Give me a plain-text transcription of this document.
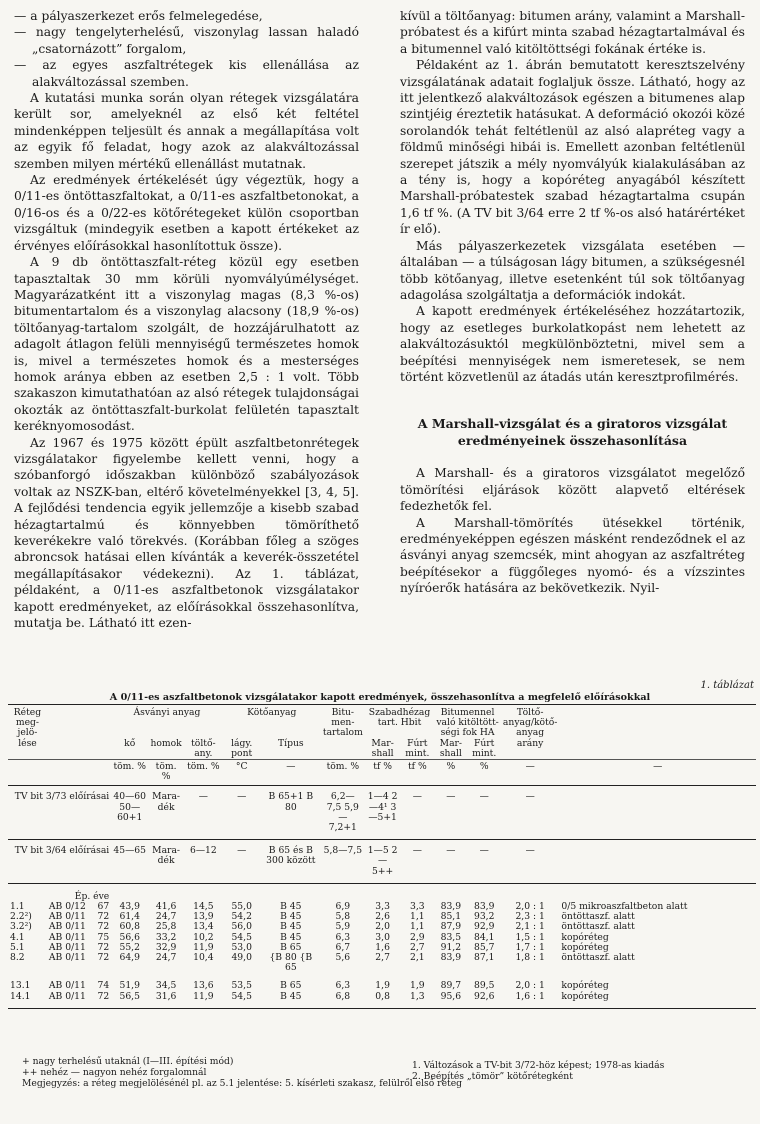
— a pályaszerkezet erős felmelegedése,

— nagy tengelyterhelésű, viszonylag lassan haladó „csatornázott” forgalom,

— az egyes aszfaltrétegek kis ellenállása az alakváltozással szemben.

A kutatási munka során olyan rétegek vizsgálatára került sor, amelyeknél az első két feltétel mindenképpen teljesült és annak a megállapítása volt az egyik fő feladat, hogy azok az alakváltozással szemben milyen mértékű ellenállást mutatnak.

Az eredmények értékelését úgy végeztük, hogy a 0/11-es öntöttaszfaltokat, a 0/11-es aszfaltbetonokat, a 0/16-os és a 0/22-es kötőrétegeket külön csoportban vizsgáltuk (mindegyik esetben a kapott értékeket az érvényes előírásokkal hasonlítottuk össze).

A 9 db öntöttaszfalt-réteg közül egy esetben tapasztaltak 30 mm körüli nyomvályúmélységet. Magyarázatként itt a viszonylag magas (8,3 %-os) bitumentartalom és a viszonylag alacsony (18,9 %-os) töltőanyag-tartalom szolgált, de hozzájárulhatott az adagolt átlagon felüli mennyiségű természetes homok is, mivel a természetes homok és a mesterséges homok aránya ebben az esetben 2,5 : 1 volt. Több szakaszon kimutathatóan az alsó rétegek tulajdonságai okozták az öntöttaszfalt-burkolat felületén tapasztalt keréknyomosodást.

Az 1967 és 1975 között épült aszfaltbetonrétegek vizsgálatakor figyelembe kellett venni, hogy a szóbanforgó időszakban különböző szabályozások voltak az NSZK-ban, eltérő követelményekkel [3, 4, 5]. A fejlődési tendencia egyik jellemzője a kisebb szabad hézagtartalmú és könnyebben tömöríthető keverékekre való törekvés. (Korábban főleg a szöges abroncsok hatásai ellen kívánták a keverék-összetétel megállapításakor védekezni). Az 1. táblázat, példaként, a 0/11-es aszfaltbetonok vizsgálatakor kapott eredményeket, az előírásokkal összehasonlítva, mutatja be. Látható itt ezen-

kívül a töltőanyag: bitumen arány, valamint a Marshall-próbatest és a kifúrt minta szabad hézagtartalmával és a bitumennel való kitöltöttségi fokának értéke is.

Példaként az 1. ábrán bemutatott keresztszelvény vizsgálatának adatait foglaljuk össze. Látható, hogy az itt jelentkező alakváltozások egészen a bitumenes alap szintjéig éreztetik hatásukat. A deformáció okozói közé sorolandók tehát feltétlenül az alsó alapréteg vagy a földmű minőségi hibái is. Emellett azonban feltétlenül szerepet játszik a mély nyomvályúk kialakulásában az a tény is, hogy a kopóréteg anyagából készített Marshall-próbatestek szabad hézagtartalma csupán 1,6 tf %. (A TV bit 3/64 erre 2 tf %-os alsó határértéket ír elő).

Más pályaszerkezetek vizsgálata esetében — általában — a túlságosan lágy bitumen, a szükségesnél több kötőanyag, illetve esetenként túl sok töltőanyag adagolása szolgáltatja a deformációk indokát.

A kapott eredmények értékeléséhez hozzátartozik, hogy az esetleges burkolatkopást nem lehetett az alakváltozásuktól megkülönböztetni, mivel sem a beépítési mennyiségek nem ismeretesek, se nem történt közvetlenül az átadás után keresztprofilmérés.

A Marshall-vizsgálat és a giratoros vizsgálat eredményeinek összehasonlítása

A Marshall- és a giratoros vizsgálatot megelőző tömörítési eljárások között alapvető eltérések fedezhetők fel.

A Marshall-tömörítés ütésekkel történik, eredményeképpen egészen másként rendeződnek el az ásványi anyag szemcsék, mint ahogyan az aszfaltréteg beépítésekor a függőleges nyomó- és a vízszintes nyíróerők hatására az bekövetkezik. Nyil-

1. táblázat
A 0/11-es aszfaltbetonok vizsgálatakor kapott eredmények, összehasonlítva a megfelelő előírásokkal
Réteg meg-jelö-lése		Ásványi anyag			Kötőanyag		Bitu-men-tartalom	Szabadhézag tart. Hbit		Bitumennel való kitöltött-ségi fok HA		Töltő-anyag/kötő-anyag arány	
		kő	homok	töltő-any.	lágy. pont	Típus		Mar-shall	Fúrt mint.	Mar-shall	Fúrt mint.		
		töm. %	töm. %	töm. %	°C	—	töm. %	tf %	tf %	%	%	—	—
TV bit 3/73 előírásai		40—60 50— 60+1	Mara-dék	—	—	B 65+1 B 80	6,2— 7,5 5,9— 7,2+1	1—4 2—4¹ 3—5+1	—	—	—	—	
TV bit 3/64 előírásai		45—65	Mara-dék	6—12	—	B 65 és B 300 között	5,8—7,5	1—5 2— 5++	—	—	—	—	
	Ép. éve												
1.1	AB 0/12 67	43,9	41,6	14,5	55,0	B 45	6,9	3,3	3,3	83,9	83,9	2,0 : 1	0/5 mikroaszfaltbeton alatt
2.2²)	AB 0/11 72	61,4	24,7	13,9	54,2	B 45	5,8	2,6	1,1	85,1	93,2	2,3 : 1	öntöttaszf. alatt
3.2²)	AB 0/11 72	60,8	25,8	13,4	56,0	B 45	5,9	2,0	1,1	87,9	92,9	2,1 : 1	öntöttaszf. alatt
4.1	AB 0/11 75	56,6	33,2	10,2	54,5	B 45	6,3	3,0	2,9	83,5	84,1	1,5 : 1	kopóréteg
5.1	AB 0/11 72	55,2	32,9	11,9	53,0	B 65	6,7	1,6	2,7	91,2	85,7	1,7 : 1	kopóréteg
8.2	AB 0/11 72	64,9	24,7	10,4	49,0	{B 80 {B 65	5,6	2,7	2,1	83,9	87,1	1,8 : 1	öntöttaszf. alatt

13.1	AB 0/11 74	51,9	34,5	13,6	53,5	B 65	6,3	1,9	1,9	89,7	89,5	2,0 : 1	kopóréteg
14.1	AB 0/11 72	56,5	31,6	11,9	54,5	B 45	6,8	0,8	1,3	95,6	92,6	1,6 : 1	kopóréteg
+ nagy terhelésű utaknál (I—III. építési mód)
++ nehéz — nagyon nehéz forgalomnál
Megjegyzés: a réteg megjelölésénél pl. az 5.1 jelentése: 5. kísérleti szakasz, felülről első réteg
1. Változások a TV-bit 3/72-höz képest; 1978-as kiadás
2. Beépítés „tömör” kötőrétegként
